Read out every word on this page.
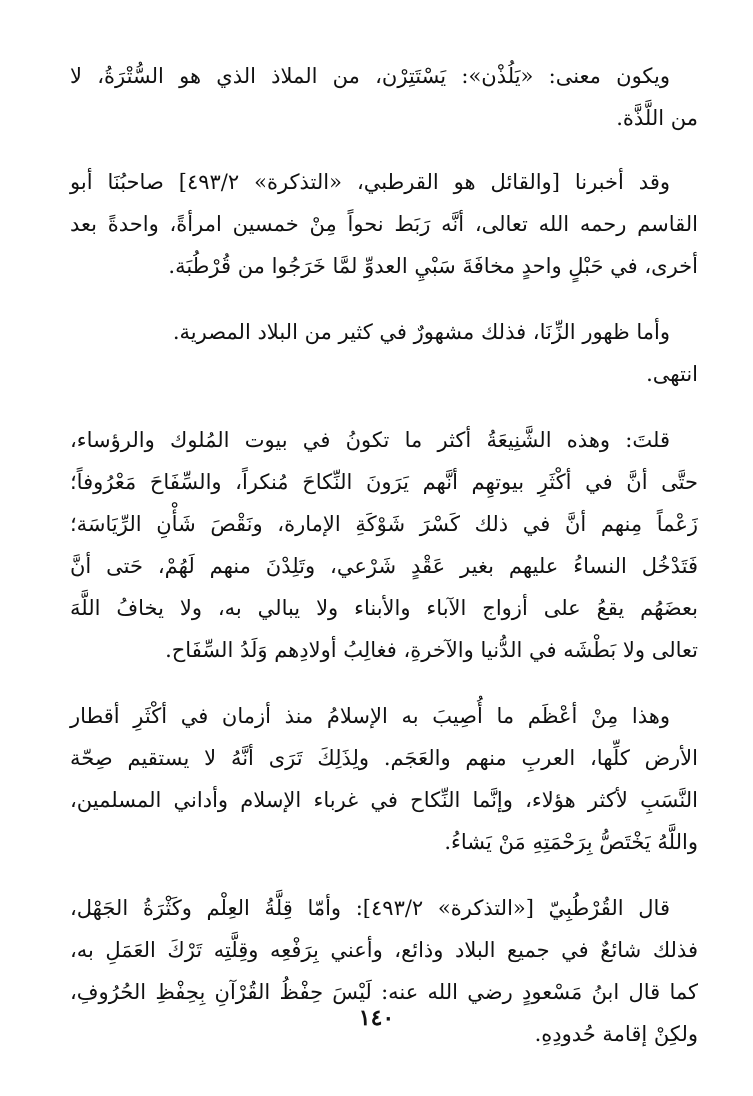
ويكون معنى: «يَلُذْن»: يَسْتَتِرْن، من الملاذ الذي هو السُّتْرَةُ، لا
من اللَّذَّة.
وقد أخبرنا [والقائل هو القرطبي، «التذكرة» ٤٩٣/٢] صاحبُنَا أبو
القاسم رحمه الله تعالى، أنَّه رَبَط نحواً مِنْ خمسين امرأةً، واحدةً بعد
أخرى، في حَبْلٍ واحدٍ مخافَةَ سَبْيِ العدوِّ لمَّا خَرَجُوا من قُرْطُبَة.
وأما ظهور الزِّنَا، فذلك مشهورٌ في كثير من البلاد المصرية.
انتهى.
قلتَ: وهذه الشَّنِيعَةُ أكثر ما تكونُ في بيوت المُلوك والرؤساء،
حتَّى أنَّ في أكْثَرِ بيوتهِم أنَّهم يَرَونَ النِّكاحَ مُنكراً، والسِّفَاحَ مَعْرُوفاً؛
زَعْماً مِنهم أنَّ في ذلك كَسْرَ شَوْكَةِ الإمارة، ونَقْصَ شَأْنِ الرِّيَاسَة؛
فَتَدْخُل النساءُ عليهم بغير عَقْدٍ شَرْعي، وتَلِدْنَ منهم لَهُمْ، حَتى أنَّ
بعضَهُم يقعُ على أزواج الآباء والأبناء ولا يبالي به، ولا يخافُ اللَّهَ
تعالى ولا بَطْشَه في الدُّنيا والآخرةِ، فغالِبُ أولادِهم وَلَدُ السِّفَاح.
وهذا مِنْ أعْظَم ما أُصِيبَ به الإسلامُ منذ أزمان في أكْثَرِ أقطار
الأرض كلِّها، العربِ منهم والعَجَم. ولِذَلِكَ تَرَى أنَّهُ لا يستقيم صِحّة
النَّسَبِ لأكثر هؤلاء، وإنَّما النِّكاح في غرباء الإسلام وأداني المسلمين،
واللَّهُ يَخْتَصُّ بِرَحْمَتِهِ مَنْ يَشاءُ.
قال القُرْطُبِيّ [«التذكرة» ٤٩٣/٢]: وأمّا قِلَّةُ العِلْم وكَثْرَةُ الجَهْل،
فذلك شائعٌ في جميع البلاد وذائع، وأعني بِرَفْعِه وقِلَّتِه تَرْكَ العَمَلِ به،
كما قال ابنُ مَسْعودٍ رضي الله عنه: لَيْسَ حِفْظُ القُرْآنِ بِحِفْظِ الحُرُوفِ،
ولكِنْ إقامة حُدودِهِ.
١٤٠
